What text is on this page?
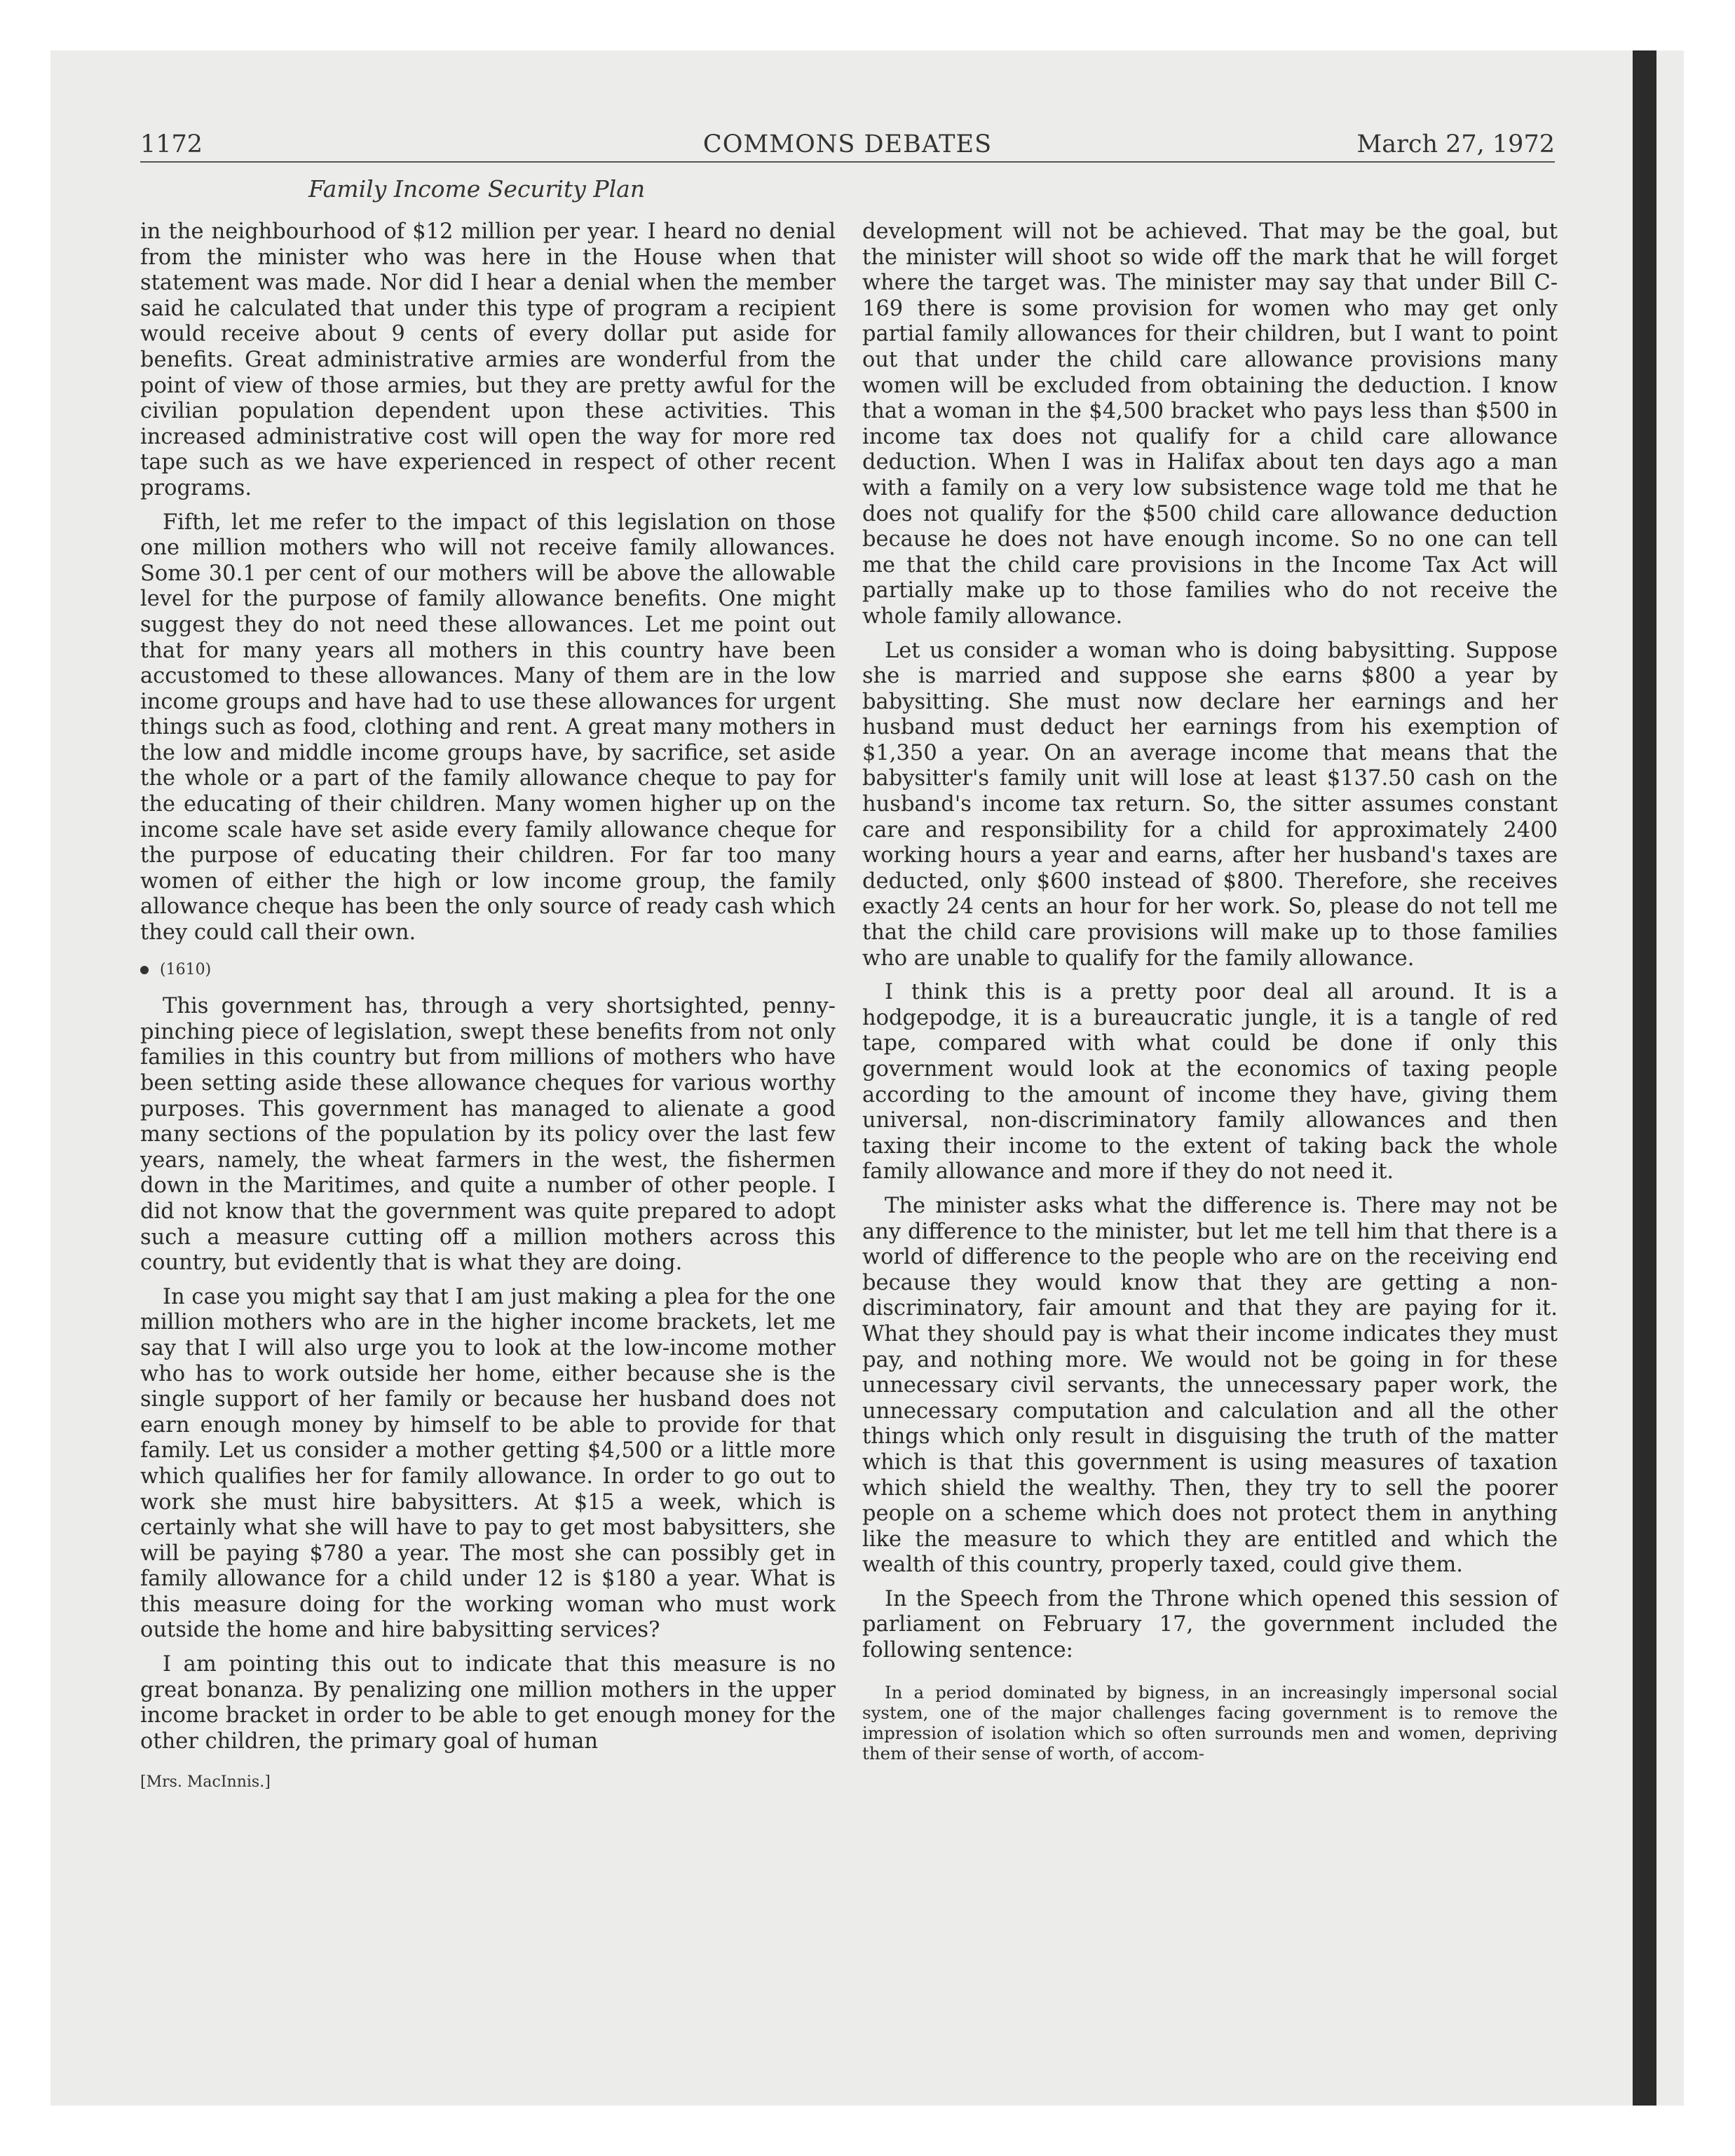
1172	COMMONS DEBATES	March 27, 1972
Family Income Security Plan

in the neighbourhood of $12 million per year. I heard no denial from the minister who was here in the House when that statement was made. Nor did I hear a denial when the member said he calculated that under this type of program a recipient would receive about 9 cents of every dollar put aside for benefits. Great administrative armies are wonderful from the point of view of those armies, but they are pretty awful for the civilian population dependent upon these activities. This increased administrative cost will open the way for more red tape such as we have experienced in respect of other recent programs.

Fifth, let me refer to the impact of this legislation on those one million mothers who will not receive family allowances. Some 30.1 per cent of our mothers will be above the allowable level for the purpose of family allowance benefits. One might suggest they do not need these allowances. Let me point out that for many years all mothers in this country have been accustomed to these allowances. Many of them are in the low income groups and have had to use these allowances for urgent things such as food, clothing and rent. A great many mothers in the low and middle income groups have, by sacrifice, set aside the whole or a part of the family allowance cheque to pay for the educating of their children. Many women higher up on the income scale have set aside every family allowance cheque for the purpose of educating their children. For far too many women of either the high or low income group, the family allowance cheque has been the only source of ready cash which they could call their own.

(1610)

This government has, through a very shortsighted, penny-pinching piece of legislation, swept these benefits from not only families in this country but from millions of mothers who have been setting aside these allowance cheques for various worthy purposes. This government has managed to alienate a good many sections of the population by its policy over the last few years, namely, the wheat farmers in the west, the fishermen down in the Maritimes, and quite a number of other people. I did not know that the government was quite prepared to adopt such a measure cutting off a million mothers across this country, but evidently that is what they are doing.

In case you might say that I am just making a plea for the one million mothers who are in the higher income brackets, let me say that I will also urge you to look at the low-income mother who has to work outside her home, either because she is the single support of her family or because her husband does not earn enough money by himself to be able to provide for that family. Let us consider a mother getting $4,500 or a little more which qualifies her for family allowance. In order to go out to work she must hire babysitters. At $15 a week, which is certainly what she will have to pay to get most babysitters, she will be paying $780 a year. The most she can possibly get in family allowance for a child under 12 is $180 a year. What is this measure doing for the working woman who must work outside the home and hire babysitting services?

I am pointing this out to indicate that this measure is no great bonanza. By penalizing one million mothers in the upper income bracket in order to be able to get enough money for the other children, the primary goal of human

[Mrs. MacInnis.]

development will not be achieved. That may be the goal, but the minister will shoot so wide off the mark that he will forget where the target was. The minister may say that under Bill C-169 there is some provision for women who may get only partial family allowances for their children, but I want to point out that under the child care allowance provisions many women will be excluded from obtaining the deduction. I know that a woman in the $4,500 bracket who pays less than $500 in income tax does not qualify for a child care allowance deduction. When I was in Halifax about ten days ago a man with a family on a very low subsistence wage told me that he does not qualify for the $500 child care allowance deduction because he does not have enough income. So no one can tell me that the child care provisions in the Income Tax Act will partially make up to those families who do not receive the whole family allowance.

Let us consider a woman who is doing babysitting. Suppose she is married and suppose she earns $800 a year by babysitting. She must now declare her earnings and her husband must deduct her earnings from his exemption of $1,350 a year. On an average income that means that the babysitter's family unit will lose at least $137.50 cash on the husband's income tax return. So, the sitter assumes constant care and responsibility for a child for approximately 2400 working hours a year and earns, after her husband's taxes are deducted, only $600 instead of $800. Therefore, she receives exactly 24 cents an hour for her work. So, please do not tell me that the child care provisions will make up to those families who are unable to qualify for the family allowance.

I think this is a pretty poor deal all around. It is a hodgepodge, it is a bureaucratic jungle, it is a tangle of red tape, compared with what could be done if only this government would look at the economics of taxing people according to the amount of income they have, giving them universal, non-discriminatory family allowances and then taxing their income to the extent of taking back the whole family allowance and more if they do not need it.

The minister asks what the difference is. There may not be any difference to the minister, but let me tell him that there is a world of difference to the people who are on the receiving end because they would know that they are getting a non-discriminatory, fair amount and that they are paying for it. What they should pay is what their income indicates they must pay, and nothing more. We would not be going in for these unnecessary civil servants, the unnecessary paper work, the unnecessary computation and calculation and all the other things which only result in disguising the truth of the matter which is that this government is using measures of taxation which shield the wealthy. Then, they try to sell the poorer people on a scheme which does not protect them in anything like the measure to which they are entitled and which the wealth of this country, properly taxed, could give them.

In the Speech from the Throne which opened this session of parliament on February 17, the government included the following sentence:

In a period dominated by bigness, in an increasingly impersonal social system, one of the major challenges facing government is to remove the impression of isolation which so often surrounds men and women, depriving them of their sense of worth, of accom-
